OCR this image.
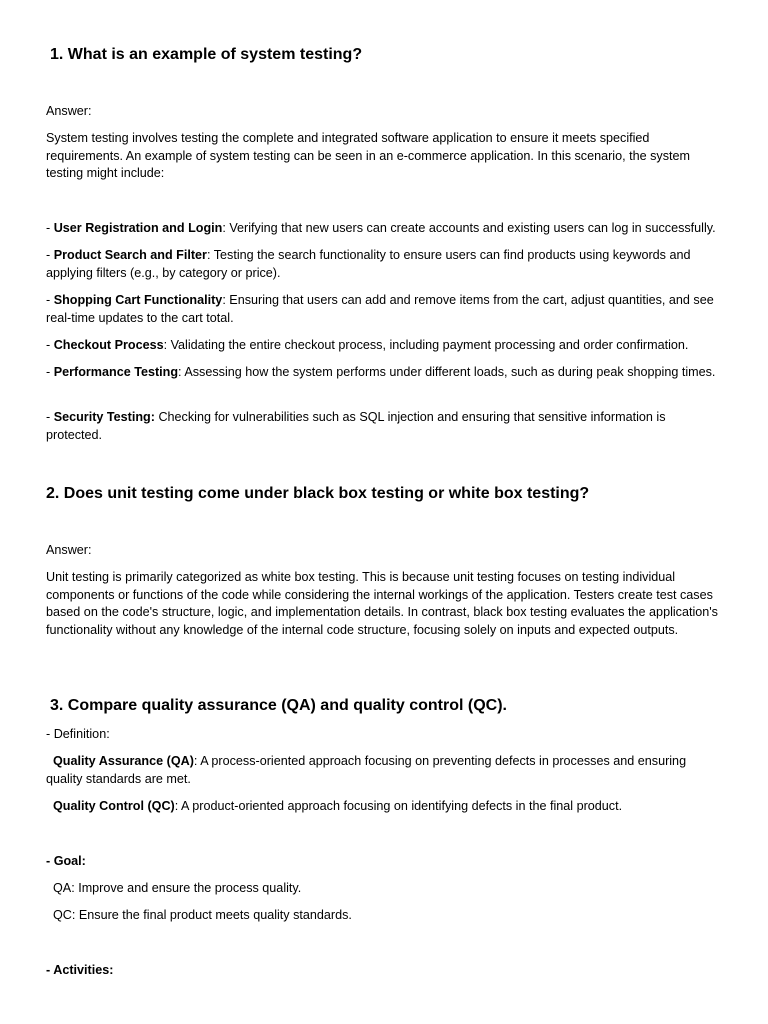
1. What is an example of system testing?

Answer:

System testing involves testing the complete and integrated software application to ensure it meets specified requirements. An example of system testing can be seen in an e-commerce application. In this scenario, the system testing might include:

- User Registration and Login: Verifying that new users can create accounts and existing users can log in successfully.

- Product Search and Filter: Testing the search functionality to ensure users can find products using keywords and applying filters (e.g., by category or price).

- Shopping Cart Functionality: Ensuring that users can add and remove items from the cart, adjust quantities, and see real-time updates to the cart total.

- Checkout Process: Validating the entire checkout process, including payment processing and order confirmation.

- Performance Testing: Assessing how the system performs under different loads, such as during peak shopping times.

- Security Testing: Checking for vulnerabilities such as SQL injection and ensuring that sensitive information is protected.

2. Does unit testing come under black box testing or white box testing?

Answer:

Unit testing is primarily categorized as white box testing. This is because unit testing focuses on testing individual components or functions of the code while considering the internal workings of the application. Testers create test cases based on the code's structure, logic, and implementation details. In contrast, black box testing evaluates the application's functionality without any knowledge of the internal code structure, focusing solely on inputs and expected outputs.

3. Compare quality assurance (QA) and quality control (QC).

- Definition:

Quality Assurance (QA): A process-oriented approach focusing on preventing defects in processes and ensuring quality standards are met.

Quality Control (QC): A product-oriented approach focusing on identifying defects in the final product.

- Goal:

QA: Improve and ensure the process quality.

QC: Ensure the final product meets quality standards.

- Activities:
